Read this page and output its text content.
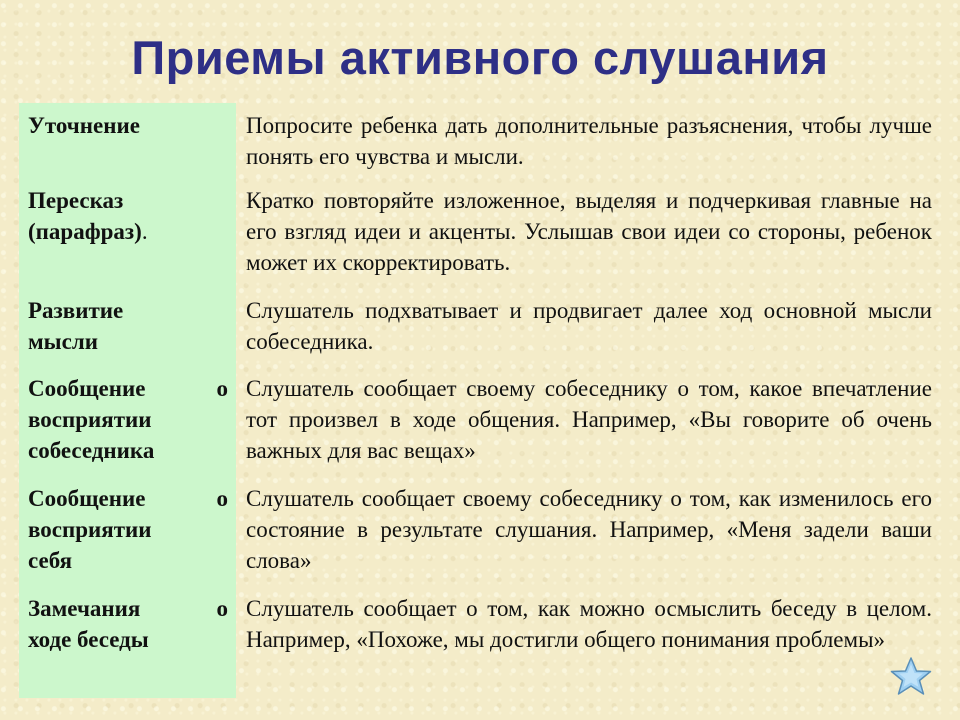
Приемы активного слушания
Уточнение	Попросите ребенка дать дополнительные разъяснения, чтобы лучше понять его чувства и мысли.
Пересказ
(парафраз).
Кратко повторяйте изложенное, выделяя и подчеркивая главные на его взгляд идеи и акценты. Услышав свои идеи со стороны, ребенок может их скорректировать.
Развитие
мысли
Слушатель подхватывает и продвигает далее ход основной мысли собеседника.
Сообщение о
восприятии
собеседника
Слушатель сообщает своему собеседнику о том, какое впечатление тот произвел в ходе общения. Например, «Вы говорите об очень важных для вас вещах»
Сообщение о
восприятии
себя
Слушатель сообщает своему собеседнику о том, как изменилось его состояние в результате слушания. Например, «Меня задели ваши слова»
Замечания о
ходе беседы
Слушатель сообщает о том, как можно осмыслить беседу в целом. Например, «Похоже, мы достигли общего понимания проблемы»
